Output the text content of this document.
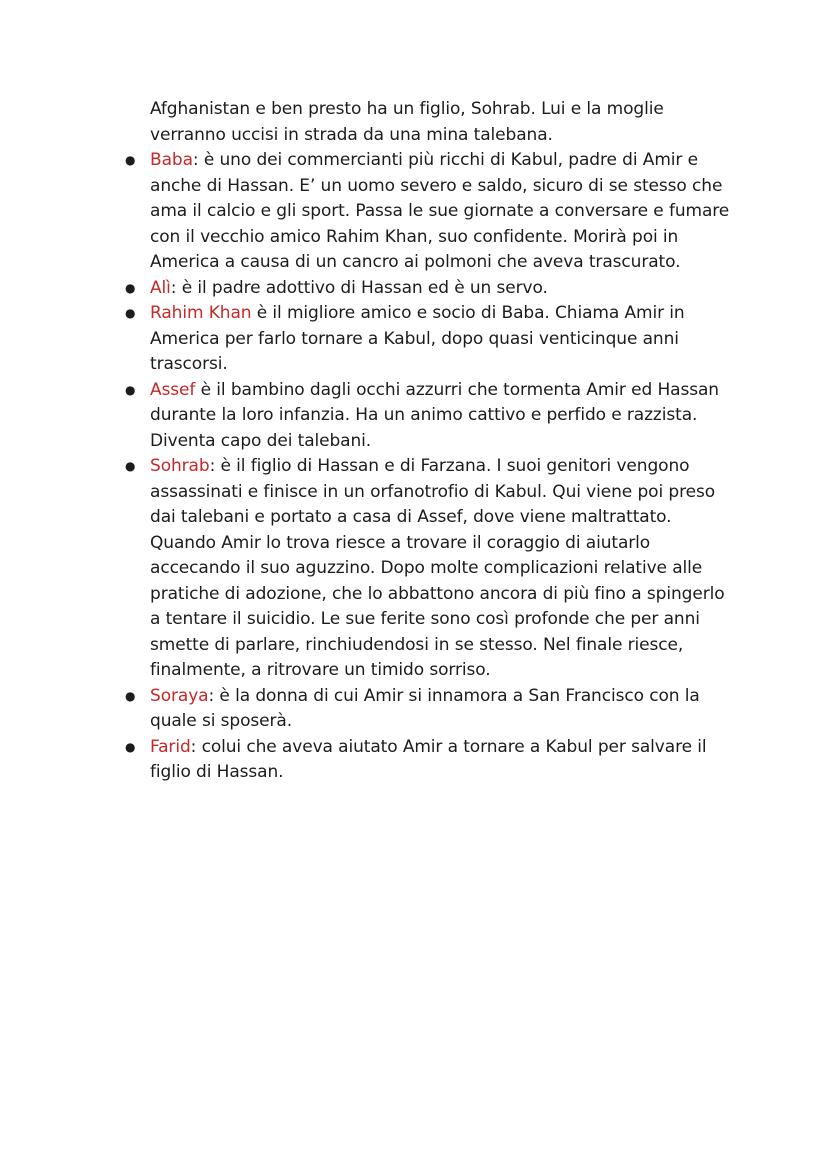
Afghanistan e ben presto ha un figlio, Sohrab. Lui e la moglie verranno uccisi in strada da una mina talebana.

● Baba: è uno dei commercianti più ricchi di Kabul, padre di Amir e anche di Hassan. E’ un uomo severo e saldo, sicuro di se stesso che ama il calcio e gli sport. Passa le sue giornate a conversare e fumare con il vecchio amico Rahim Khan, suo confidente. Morirà poi in America a causa di un cancro ai polmoni che aveva trascurato.
● Alì: è il padre adottivo di Hassan ed è un servo.
● Rahim Khan è il migliore amico e socio di Baba. Chiama Amir in America per farlo tornare a Kabul, dopo quasi venticinque anni trascorsi.
● Assef è il bambino dagli occhi azzurri che tormenta Amir ed Hassan durante la loro infanzia. Ha un animo cattivo e perfido e razzista. Diventa capo dei talebani.
● Sohrab: è il figlio di Hassan e di Farzana. I suoi genitori vengono assassinati e finisce in un orfanotrofio di Kabul. Qui viene poi preso dai talebani e portato a casa di Assef, dove viene maltrattato. Quando Amir lo trova riesce a trovare il coraggio di aiutarlo accecando il suo aguzzino. Dopo molte complicazioni relative alle pratiche di adozione, che lo abbattono ancora di più fino a spingerlo a tentare il suicidio. Le sue ferite sono così profonde che per anni smette di parlare, rinchiudendosi in se stesso. Nel finale riesce, finalmente, a ritrovare un timido sorriso.
● Soraya: è la donna di cui Amir si innamora a San Francisco con la quale si sposerà.
● Farid: colui che aveva aiutato Amir a tornare a Kabul per salvare il figlio di Hassan.
